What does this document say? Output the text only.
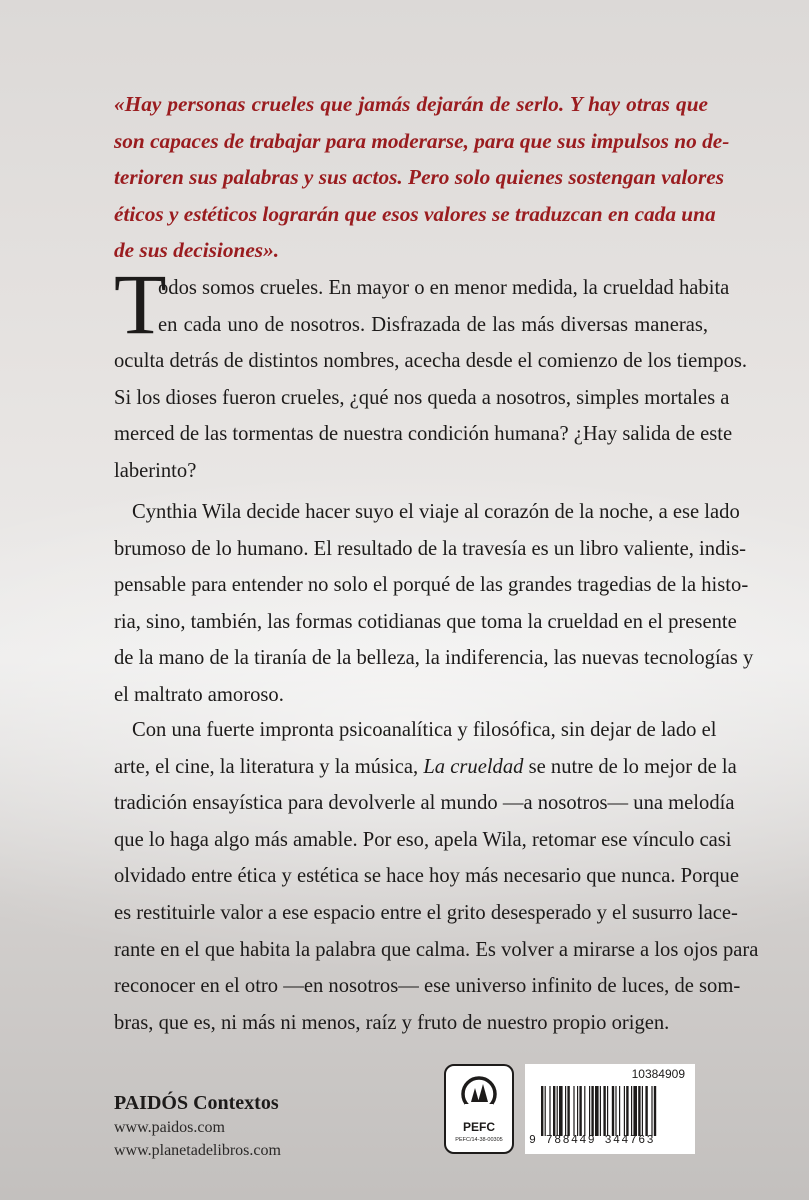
«Hay personas crueles que jamás dejarán de serlo. Y hay otras que
son capaces de trabajar para moderarse, para que sus impulsos no de-
terioren sus palabras y sus actos. Pero solo quienes sostengan valores
éticos y estéticos lograrán que esos valores se traduzcan en cada una
de sus decisiones».
T
odos somos crueles. En mayor o en menor medida, la crueldad habita
en cada uno de nosotros. Disfrazada de las más diversas maneras,
oculta detrás de distintos nombres, acecha desde el comienzo de los tiempos.
Si los dioses fueron crueles, ¿qué nos queda a nosotros, simples mortales a
merced de las tormentas de nuestra condición humana? ¿Hay salida de este
laberinto?
Cynthia Wila decide hacer suyo el viaje al corazón de la noche, a ese lado
brumoso de lo humano. El resultado de la travesía es un libro valiente, indis-
pensable para entender no solo el porqué de las grandes tragedias de la histo-
ria, sino, también, las formas cotidianas que toma la crueldad en el presente
de la mano de la tiranía de la belleza, la indiferencia, las nuevas tecnologías y
el maltrato amoroso.
Con una fuerte impronta psicoanalítica y filosófica, sin dejar de lado el
arte, el cine, la literatura y la música, La crueldad se nutre de lo mejor de la
tradición ensayística para devolverle al mundo —a nosotros— una melodía
que lo haga algo más amable. Por eso, apela Wila, retomar ese vínculo casi
olvidado entre ética y estética se hace hoy más necesario que nunca. Porque
es restituirle valor a ese espacio entre el grito desesperado y el susurro lace-
rante en el que habita la palabra que calma. Es volver a mirarse a los ojos para
reconocer en el otro —en nosotros— ese universo infinito de luces, de som-
bras, que es, ni más ni menos, raíz y fruto de nuestro propio origen.
PAIDÓS Contextos
www.paidos.com
www.planetadelibros.com
PEFC
PEFC/14-38-00305
10384909
9 788449 344763
